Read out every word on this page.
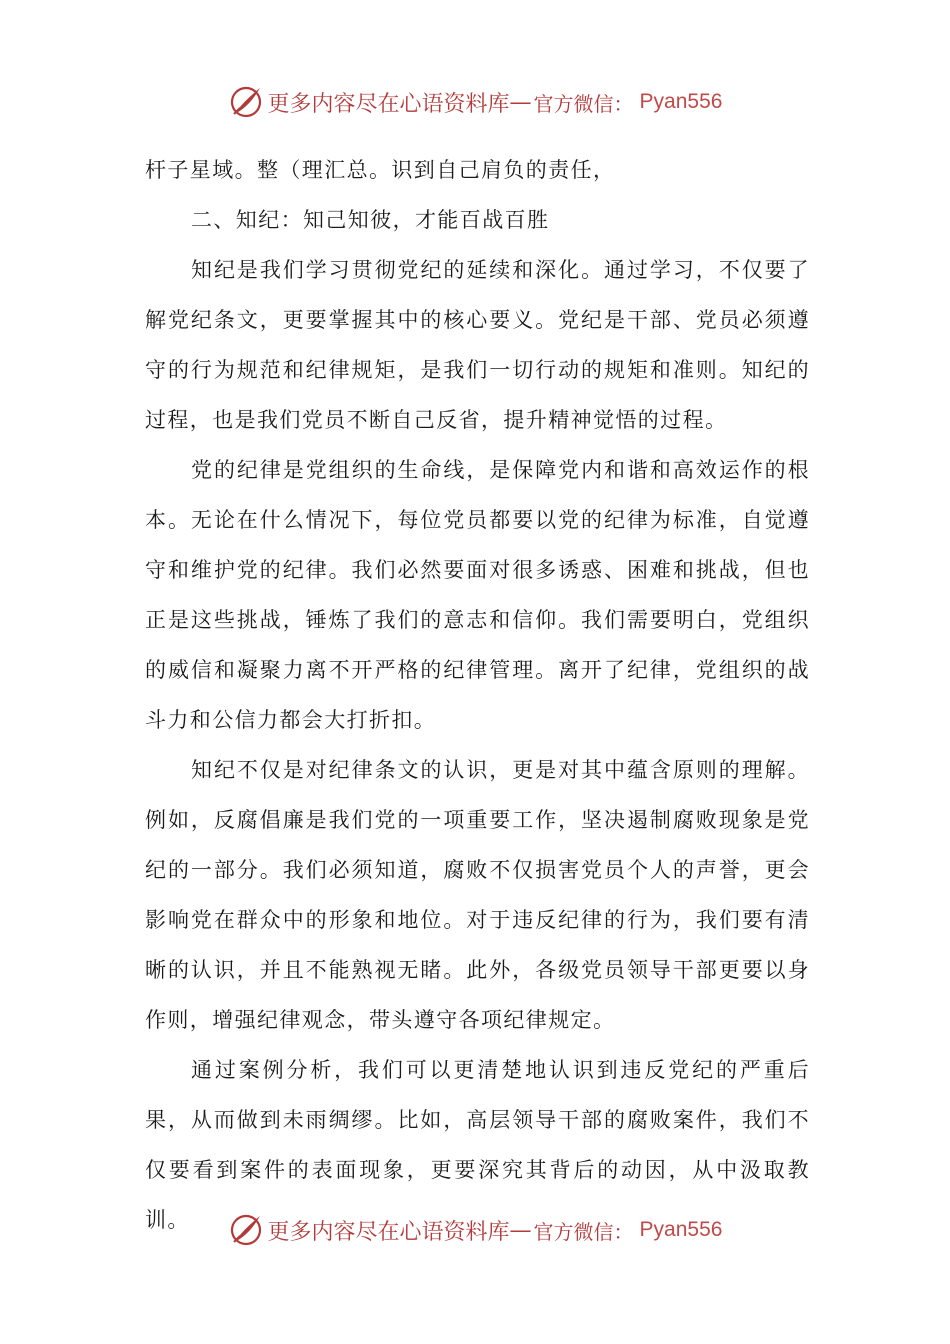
更多内容尽在心语资料库 — 官方微信： Pyan556

杆子星域。整（理汇总。识到自己肩负的责任，

二、知纪：知己知彼，才能百战百胜

知纪是我们学习贯彻党纪的延续和深化。通过学习，不仅要了解党纪条文，更要掌握其中的核心要义。党纪是干部、党员必须遵守的行为规范和纪律规矩，是我们一切行动的规矩和准则。知纪的过程，也是我们党员不断自己反省，提升精神觉悟的过程。

党的纪律是党组织的生命线，是保障党内和谐和高效运作的根本。无论在什么情况下，每位党员都要以党的纪律为标准，自觉遵守和维护党的纪律。我们必然要面对很多诱惑、困难和挑战，但也正是这些挑战，锤炼了我们的意志和信仰。我们需要明白，党组织的威信和凝聚力离不开严格的纪律管理。离开了纪律，党组织的战斗力和公信力都会大打折扣。

知纪不仅是对纪律条文的认识，更是对其中蕴含原则的理解。例如，反腐倡廉是我们党的一项重要工作，坚决遏制腐败现象是党纪的一部分。我们必须知道，腐败不仅损害党员个人的声誉，更会影响党在群众中的形象和地位。对于违反纪律的行为，我们要有清晰的认识，并且不能熟视无睹。此外，各级党员领导干部更要以身作则，增强纪律观念，带头遵守各项纪律规定。

通过案例分析，我们可以更清楚地认识到违反党纪的严重后果，从而做到未雨绸缪。比如，高层领导干部的腐败案件，我们不仅要看到案件的表面现象，更要深究其背后的动因，从中汲取教训。	更多内容尽在心语资料库 — 官方微信： Pyan556
